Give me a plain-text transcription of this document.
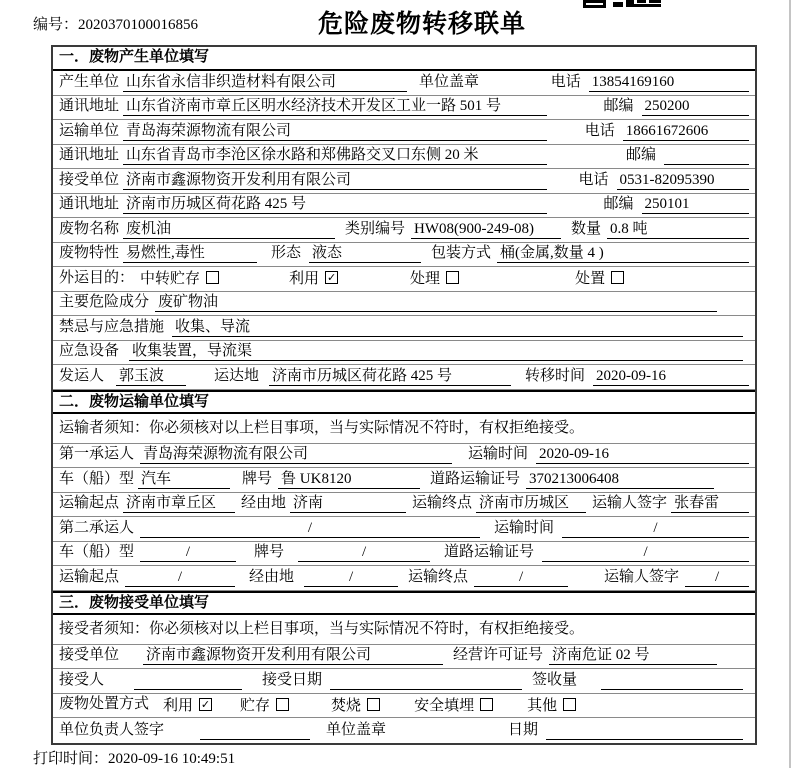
编号：2020370100016856	危险废物转移联单
一．废物产生单位填写
产生单位 山东省永信非织造材料有限公司	单位盖章	电话 13854169160
通讯地址 山东省济南市章丘区明水经济技术开发区工业一路 501 号	邮编 250200
运输单位 青岛海荣源物流有限公司	电话 18661672606
通讯地址 山东省青岛市李沧区徐水路和郑佛路交叉口东侧 20 米	邮编
接受单位 济南市鑫源物资开发利用有限公司	电话 0531-82095390
通讯地址 济南市历城区荷花路 425 号	邮编 250101
废物名称 废机油	类别编号 HW08(900-249-08)	数量 0.8 吨
废物特性 易燃性,毒性	形态 液态	包装方式 桶(金属,数量 4 )
外运目的： 中转贮存	利用 ✓	处理	处置
主要危险成分 废矿物油
禁忌与应急措施 收集、导流
应急设备 收集装置，导流渠
发运人 郭玉波	运达地 济南市历城区荷花路 425 号	转移时间 2020-09-16
二．废物运输单位填写
运输者须知：你必须核对以上栏目事项，当与实际情况不符时，有权拒绝接受。
第一承运人 青岛海荣源物流有限公司	运输时间 2020-09-16
车（船）型 汽车	牌号 鲁 UK8120	道路运输证号 370213006408
运输起点 济南市章丘区	经由地 济南	运输终点 济南市历城区	运输人签字 张春雷
第二承运人	/	运输时间	/
车（船）型	/	牌号	/	道路运输证号	/
运输起点	/	经由地	/	运输终点	/	运输人签字	/
三．废物接受单位填写
接受者须知：你必须核对以上栏目事项，当与实际情况不符时，有权拒绝接受。
接受单位 济南市鑫源物资开发利用有限公司	经营许可证号 济南危证 02 号
接受人	接受日期	签收量
废物处置方式 利用 ✓ 贮存	焚烧	安全填埋	其他
单位负责人签字	单位盖章	日期
打印时间：2020-09-16 10:49:51
